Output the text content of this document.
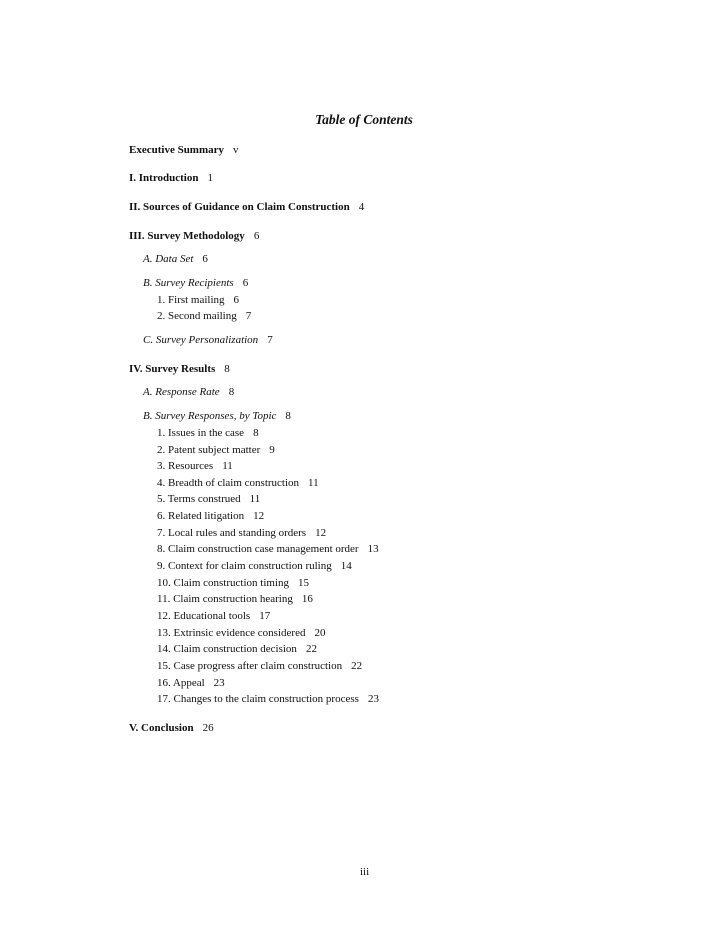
Table of Contents
Executive Summary v
I. Introduction 1
II. Sources of Guidance on Claim Construction 4
III. Survey Methodology 6
A. Data Set 6
B. Survey Recipients 6
1. First mailing 6
2. Second mailing 7
C. Survey Personalization 7
IV. Survey Results 8
A. Response Rate 8
B. Survey Responses, by Topic 8
1. Issues in the case 8
2. Patent subject matter 9
3. Resources 11
4. Breadth of claim construction 11
5. Terms construed 11
6. Related litigation 12
7. Local rules and standing orders 12
8. Claim construction case management order 13
9. Context for claim construction ruling 14
10. Claim construction timing 15
11. Claim construction hearing 16
12. Educational tools 17
13. Extrinsic evidence considered 20
14. Claim construction decision 22
15. Case progress after claim construction 22
16. Appeal 23
17. Changes to the claim construction process 23
V. Conclusion 26
iii
